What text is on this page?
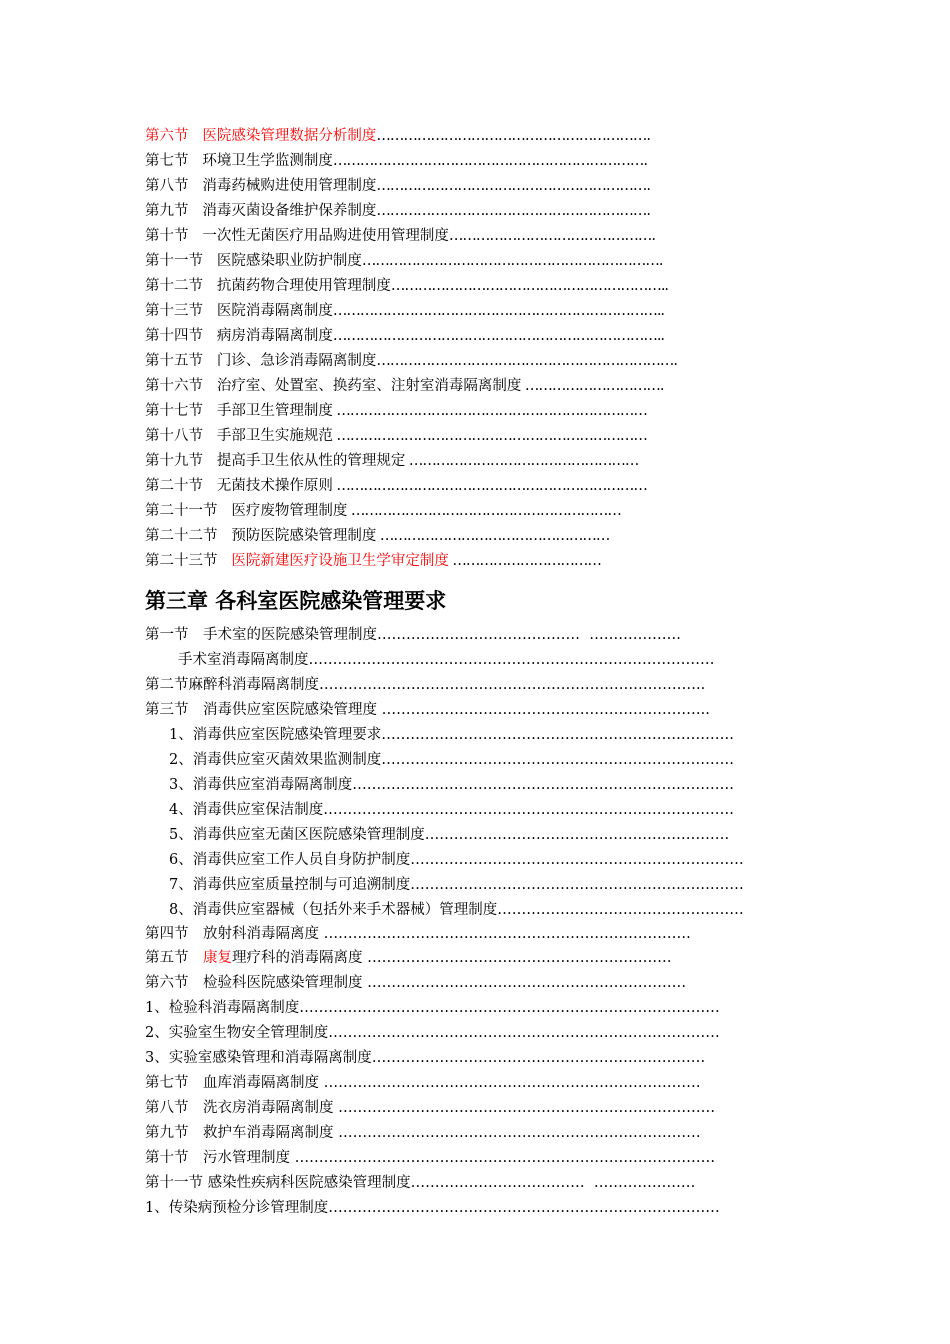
第六节 医院感染管理数据分析制度…………………………………………………….
第七节 环境卫生学监测制度…………………………………………………………….
第八节 消毒药械购进使用管理制度…………………………………………………….
第九节 消毒灭菌设备维护保养制度…………………………………………………….
第十节 一次性无菌医疗用品购进使用管理制度……………………………………….
第十一节 医院感染职业防护制度………………………………………………………….
第十二节 抗菌药物合理使用管理制度……………………………………………………..
第十三节 医院消毒隔离制度………………………………………………………………..
第十四节 病房消毒隔离制度………………………………………………………………..
第十五节 门诊、急诊消毒隔离制度………………………………………………………….
第十六节 治疗室、处置室、换药室、注射室消毒隔离制度 ………………………….
第十七节 手部卫生管理制度 ……………………………………………………………
第十八节 手部卫生实施规范 ……………………………………………………………
第十九节 提高手卫生依从性的管理规定 ……………………………………………
第二十节 无菌技术操作原则 ……………………………………………………………
第二十一节 医疗废物管理制度 ……………………………………………………
第二十二节 预防医院感染管理制度 ……………………………………………
第二十三节 医院新建医疗设施卫生学审定制度 ……………………………
第三章 各科室医院感染管理要求
第一节　手术室的医院感染管理制度……………………………………  ……………….
手术室消毒隔离制度…………………………………………………………………………
第二节麻醉科消毒隔离制度……………………………………………………………………..
第三节　消毒供应室医院感染管理度 …………………………………………………………..
1、消毒供应室医院感染管理要求……………………………………………………………….
2、消毒供应室灭菌效果监测制度……………………………………………………………….
3、消毒供应室消毒隔离制度…………………………………………………………………….
4、消毒供应室保洁制度………………………………………………………………………….
5、消毒供应室无菌区医院感染管理制度………………………………………………………
6、消毒供应室工作人员自身防护制度……………………………………………………………
7、消毒供应室质量控制与可追溯制度……………………………………………………………
8、消毒供应室器械（包括外来手术器械）管理制度……………………………………………
第四节　放射科消毒隔离度 ………………………………………………………………….
第六节　检验科医院感染管理制度 …………………………………………………………
1、检验科消毒隔离制度……………………………………………………………………………
2、实验室生物安全管理制度………………………………………………………………………
3、实验室感染管理和消毒隔离制度……………………………………………………………
第七节　血库消毒隔离制度 ……………………………………………………………………
第八节　洗衣房消毒隔离制度 ……………………………………………………………………
第九节　救护车消毒隔离制度 …………………………………………………………………
第十节　污水管理制度 ……………………………………………………………………………
第十一节 感染性疾病科医院感染管理制度………………………………  …………………
1、传染病预检分诊管理制度………………………………………………………………………
第五节　康复理疗科的消毒隔离度 ………………………………………………………
